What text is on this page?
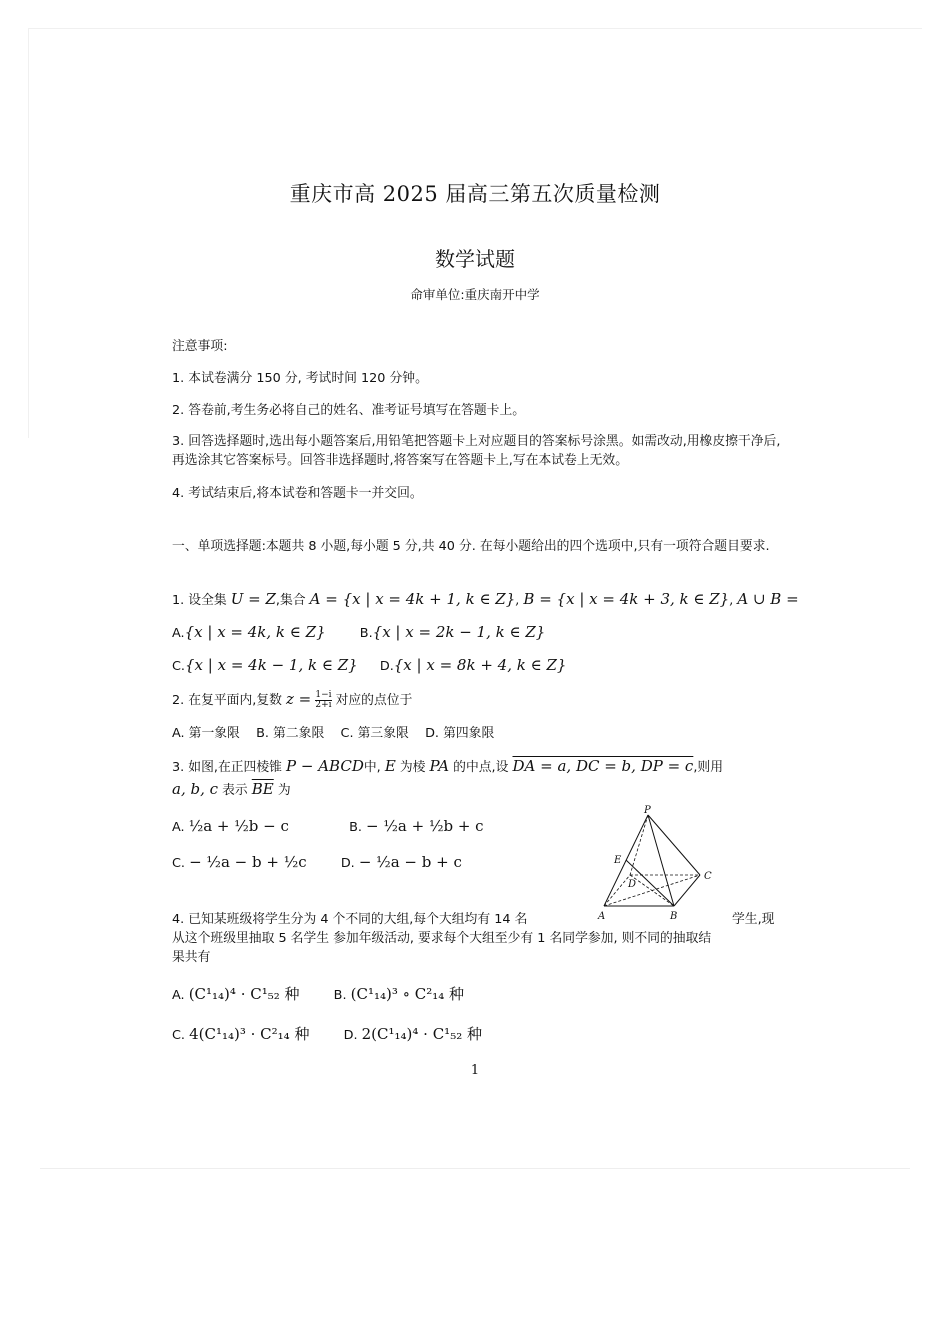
重庆市高 2025 届高三第五次质量检测
数学试题
命审单位:重庆南开中学
注意事项:
1. 本试卷满分 150 分, 考试时间 120 分钟。
2. 答卷前,考生务必将自己的姓名、准考证号填写在答题卡上。
3. 回答选择题时,选出每小题答案后,用铅笔把答题卡上对应题目的答案标号涂黑。如需改动,用橡皮擦干净后,再选涂其它答案标号。回答非选择题时,将答案写在答题卡上,写在本试卷上无效。
4. 考试结束后,将本试卷和答题卡一并交回。
一、单项选择题:本题共 8 小题,每小题 5 分,共 40 分. 在每小题给出的四个选项中,只有一项符合题目要求.
1. 设全集 U = Z,集合 A = {x | x = 4k + 1, k ∈ Z}, B = {x | x = 4k + 3, k ∈ Z}, A ∪ B =
A.{x | x = 4k, k ∈ Z}	B.{x | x = 2k − 1, k ∈ Z}
C.{x | x = 4k − 1, k ∈ Z} D.{x | x = 8k + 4, k ∈ Z}
2. 在复平面内,复数 $z = \frac{1-i}{2+i}$ 对应的点位于
A. 第一象限 B. 第二象限 C. 第三象限 D. 第四象限
3. 如图,在正四棱锥 P − ABCD中, E 为棱 PA 的中点,设 DA = a, DC = b, DP = c,则用
a, b, c 表示 $\overline{BE}$ 为
A. ½a + ½b − c	B. − ½a + ½b + c
C. − ½a − b + ½c	D. − ½a − b + c
P
E
D
C
A	B
4. 已知某班级将学生分为 4 个不同的大组,每个大组均有 14 名	学生,现
从这个班级里抽取 5 名学生 参加年级活动, 要求每个大组至少有 1 名同学参加, 则不同的抽取结
果共有
A. (C¹₁₄)⁴ · C¹₅₂ 种	B. (C¹₁₄)³ ∘ C²₁₄ 种
C. 4(C¹₁₄)³ · C²₁₄ 种	D. 2(C¹₁₄)⁴ · C¹₅₂ 种
1
